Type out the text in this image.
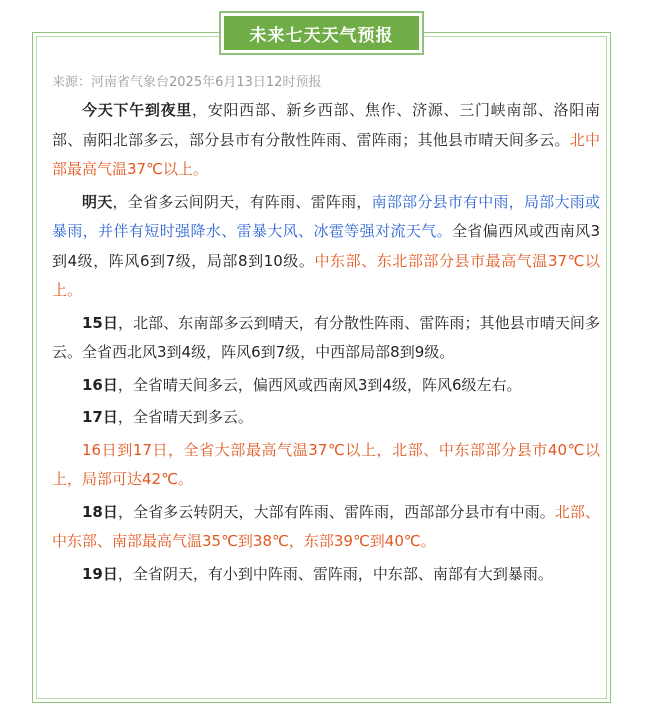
未来七天天气预报
来源：河南省气象台2025年6月13日12时预报

今天下午到夜里，安阳西部、新乡西部、焦作、济源、三门峡南部、洛阳南部、南阳北部多云，部分县市有分散性阵雨、雷阵雨；其他县市晴天间多云。北中部最高气温37℃以上。

明天，全省多云间阴天，有阵雨、雷阵雨，南部部分县市有中雨，局部大雨或暴雨，并伴有短时强降水、雷暴大风、冰雹等强对流天气。全省偏西风或西南风3到4级，阵风6到7级，局部8到10级。中东部、东北部部分县市最高气温37℃以上。

15日，北部、东南部多云到晴天，有分散性阵雨、雷阵雨；其他县市晴天间多云。全省西北风3到4级，阵风6到7级，中西部局部8到9级。

16日，全省晴天间多云，偏西风或西南风3到4级，阵风6级左右。

17日，全省晴天到多云。

16日到17日，全省大部最高气温37℃以上，北部、中东部部分县市40℃以上，局部可达42℃。

18日，全省多云转阴天，大部有阵雨、雷阵雨，西部部分县市有中雨。北部、中东部、南部最高气温35℃到38℃，东部39℃到40℃。

19日，全省阴天，有小到中阵雨、雷阵雨，中东部、南部有大到暴雨。
